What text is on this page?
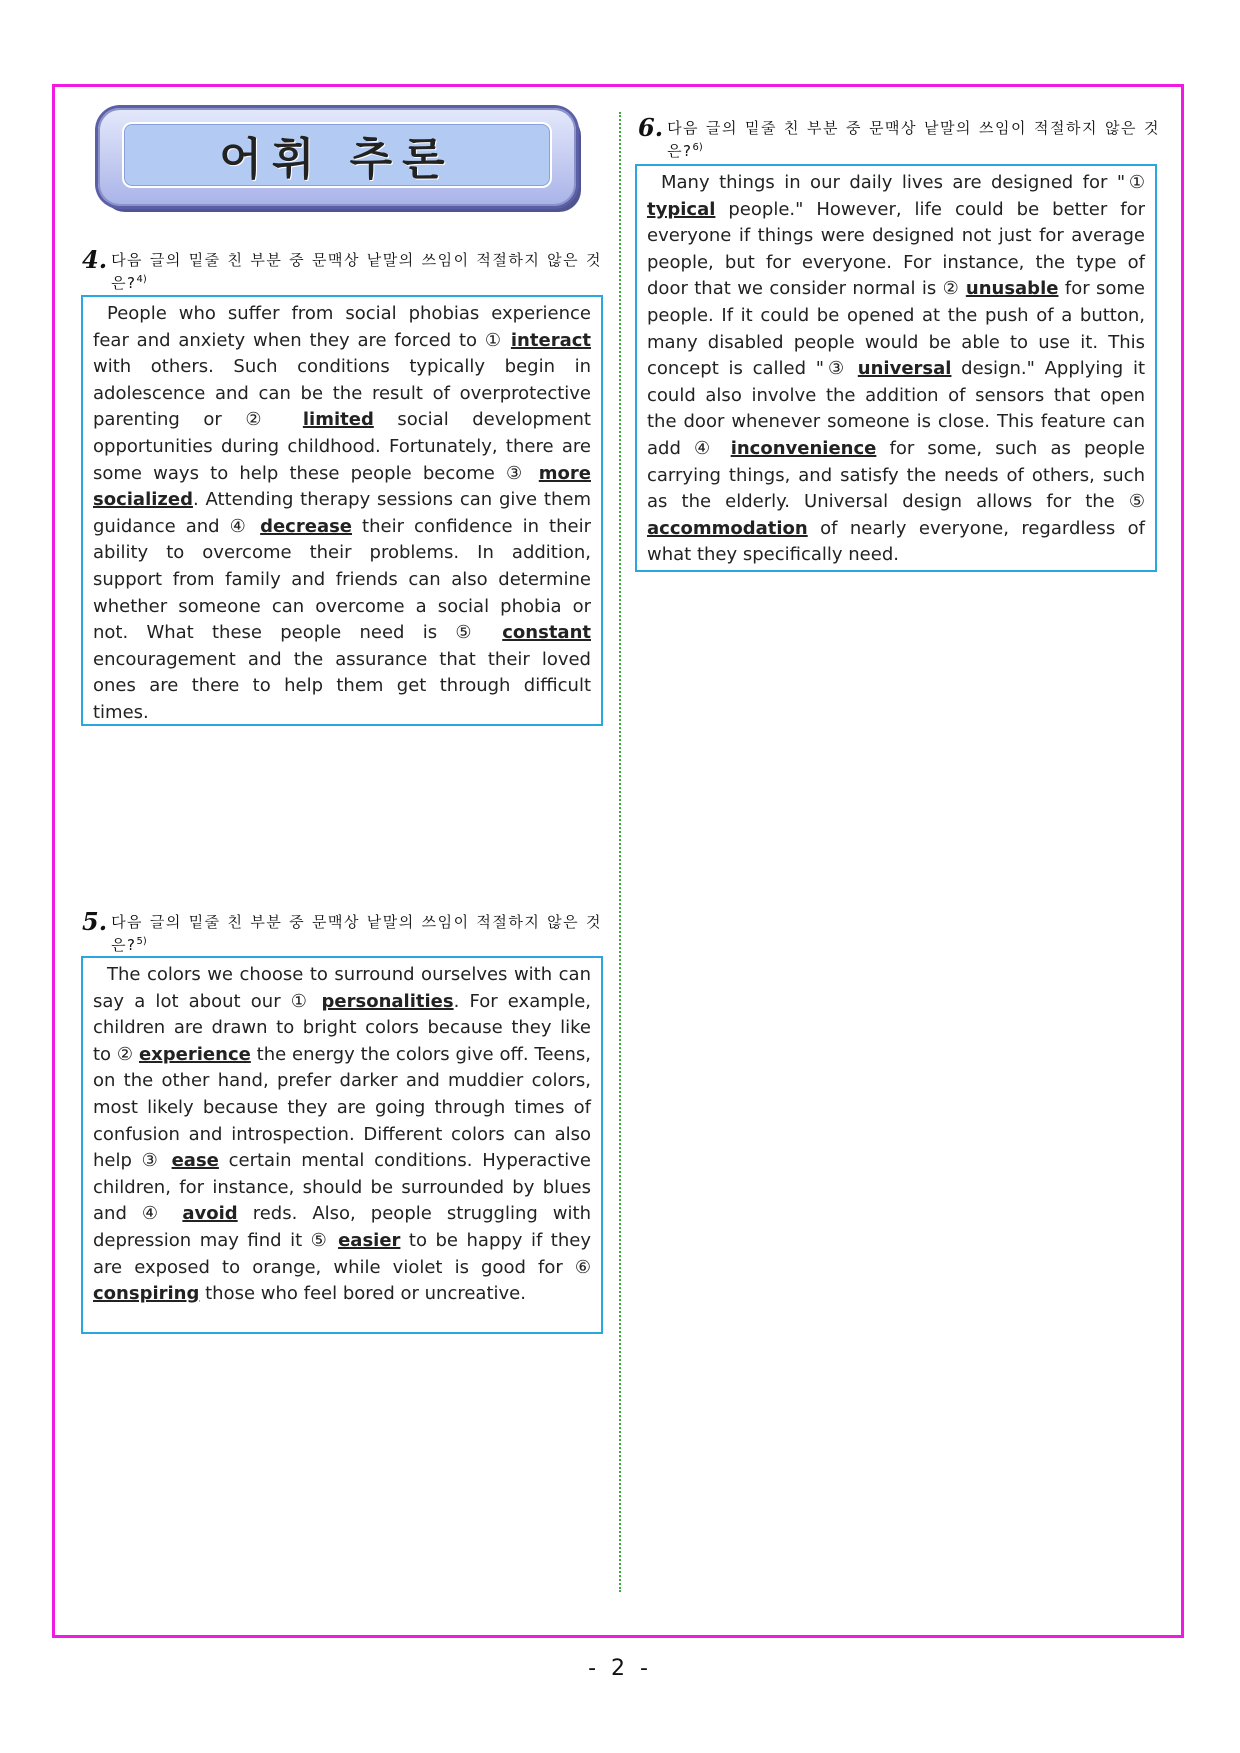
어휘 추론
4. 다음 글의 밑줄 친 부분 중 문맥상 낱말의 쓰임이 적절하지 않은 것은?$^{4)}$
People who suffer from social phobias experience fear and anxiety when they are forced to ① interact with others. Such conditions typically begin in adolescence and can be the result of overprotective parenting or ② limited social development opportunities during childhood. Fortunately, there are some ways to help these people become ③ more socialized. Attending therapy sessions can give them guidance and ④ decrease their confidence in their ability to overcome their problems. In addition, support from family and friends can also determine whether someone can overcome a social phobia or not. What these people need is ⑤ constant encouragement and the assurance that their loved ones are there to help them get through difficult times.
5. 다음 글의 밑줄 친 부분 중 문맥상 낱말의 쓰임이 적절하지 않은 것은?$^{5)}$
The colors we choose to surround ourselves with can say a lot about our ① personalities. For example, children are drawn to bright colors because they like to ② experience the energy the colors give off. Teens, on the other hand, prefer darker and muddier colors, most likely because they are going through times of confusion and introspection. Different colors can also help ③ ease certain mental conditions. Hyperactive children, for instance, should be surrounded by blues and ④ avoid reds. Also, people struggling with depression may find it ⑤ easier to be happy if they are exposed to orange, while violet is good for ⑥ conspiring those who feel bored or uncreative.
6. 다음 글의 밑줄 친 부분 중 문맥상 낱말의 쓰임이 적절하지 않은 것은?$^{6)}$
Many things in our daily lives are designed for "① typical people." However, life could be better for everyone if things were designed not just for average people, but for everyone. For instance, the type of door that we consider normal is ② unusable for some people. If it could be opened at the push of a button, many disabled people would be able to use it. This concept is called "③ universal design." Applying it could also involve the addition of sensors that open the door whenever someone is close. This feature can add ④ inconvenience for some, such as people carrying things, and satisfy the needs of others, such as the elderly. Universal design allows for the ⑤ accommodation of nearly everyone, regardless of what they specifically need.
- 2 -
